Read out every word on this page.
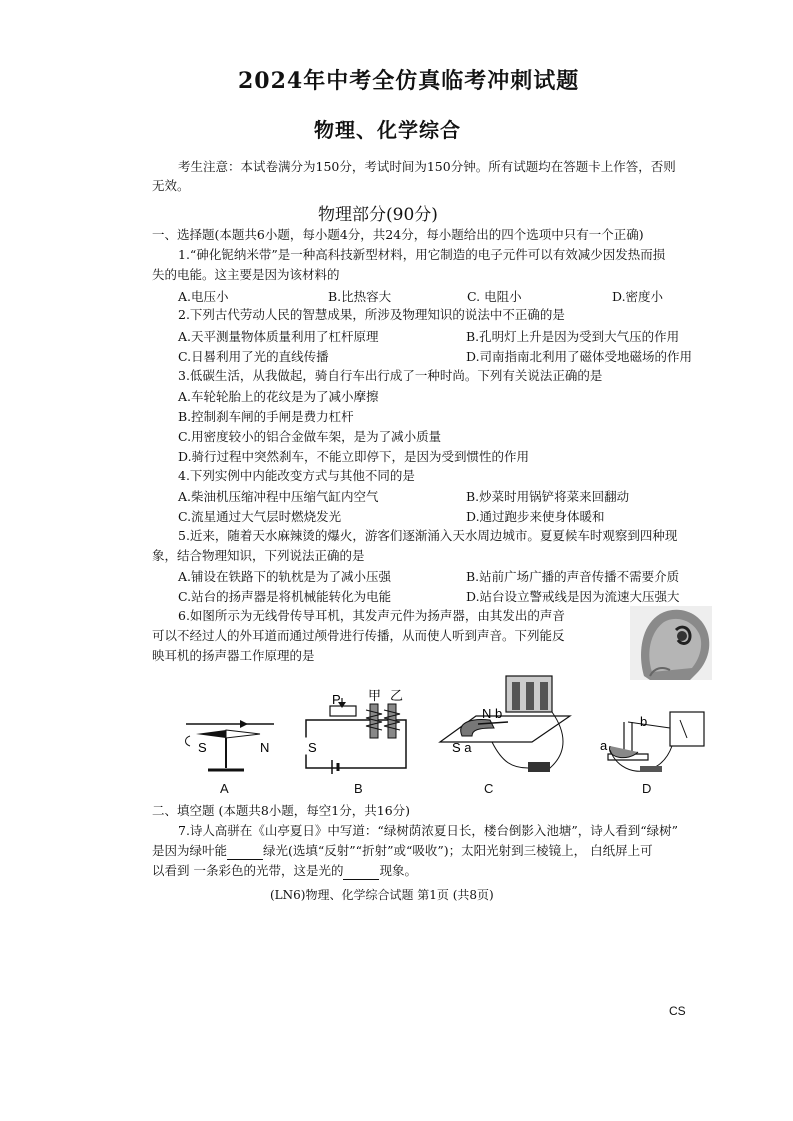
2024年中考全仿真临考冲刺试题
物理、化学综合
考生注意：本试卷满分为150分，考试时间为150分钟。所有试题均在答题卡上作答，否则
无效。
物理部分(90分)
一、选择题(本题共6小题，每小题4分，共24分，每小题给出的四个选项中只有一个正确)
1.“砷化铌纳米带”是一种高科技新型材料，用它制造的电子元件可以有效减少因发热而损
失的电能。这主要是因为该材料的
A.电压小	B.比热容大	C. 电阻小	D.密度小
2.下列古代劳动人民的智慧成果，所涉及物理知识的说法中不正确的是
A.天平测量物体质量利用了杠杆原理	B.孔明灯上升是因为受到大气压的作用
C.日晷利用了光的直线传播	D.司南指南北利用了磁体受地磁场的作用
3.低碳生活，从我做起，骑自行车出行成了一种时尚。下列有关说法正确的是
A.车轮轮胎上的花纹是为了减小摩擦
B.控制刹车闸的手闸是费力杠杆
C.用密度较小的铝合金做车架，是为了减小质量
D.骑行过程中突然刹车，不能立即停下，是因为受到惯性的作用
4.下列实例中内能改变方式与其他不同的是
A.柴油机压缩冲程中压缩气缸内空气	B.炒菜时用锅铲将菜来回翻动
C.流星通过大气层时燃烧发光	D.通过跑步来使身体暖和
5.近来，随着天水麻辣烫的爆火，游客们逐渐涌入天水周边城市。夏夏候车时观察到四种现
象，结合物理知识，下列说法正确的是
A.铺设在铁路下的轨枕是为了减小压强	B.站前广场广播的声音传播不需要介质
C.站台的扬声器是将机械能转化为电能	D.站台设立警戒线是因为流速大压强大
6.如图所示为无线骨传导耳机，其发声元件为扬声器，由其发出的声音
可以不经过人的外耳道而通过颅骨进行传播，从而使人听到声音。下列能反
映耳机的扬声器工作原理的是
S	N
A
P 甲 乙
S
B
N b
S a
C
b
a
D
二、填空题 (本题共8小题，每空1分，共16分)
7.诗人高骈在《山亭夏日》中写道：“绿树荫浓夏日长，楼台倒影入池塘”，诗人看到“绿树”
是因为绿叶能	绿光(选填“反射”“折射”或“吸收”)；太阳光射到三棱镜上， 白纸屏上可
以看到 一条彩色的光带，这是光的	现象。
(LN6)物理、化学综合试题 第1页 (共8页)
CS
